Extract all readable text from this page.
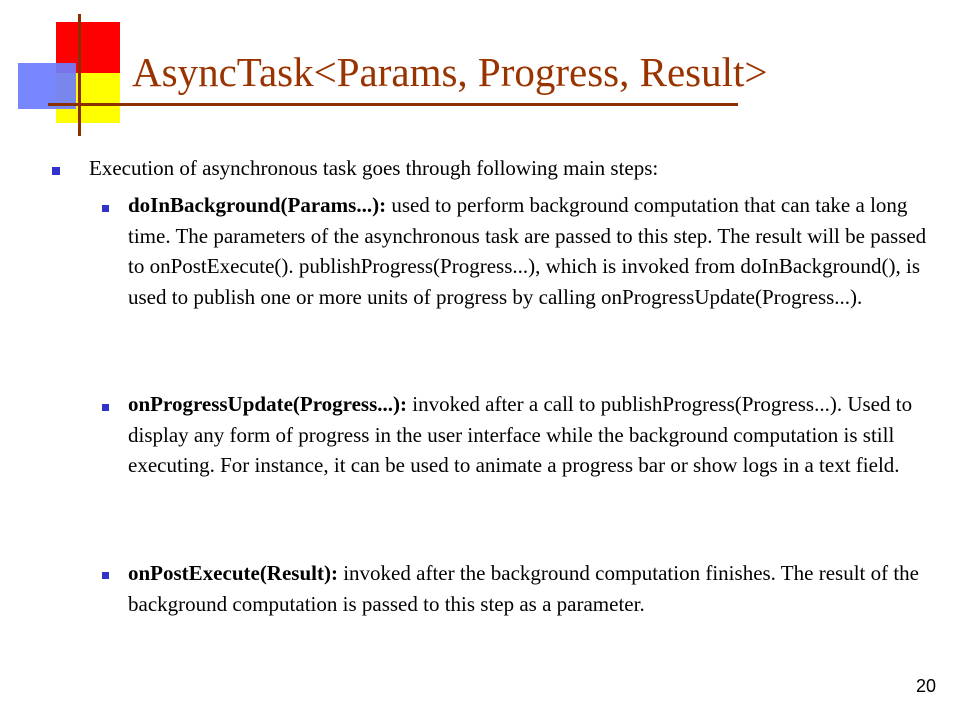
AsyncTask<Params, Progress, Result>

Execution of asynchronous task goes through following main steps:

doInBackground(Params...): used to perform background computation that can take a long time. The parameters of the asynchronous task are passed to this step. The result will be passed to onPostExecute(). publishProgress(Progress...), which is invoked from doInBackground(), is used to publish one or more units of progress by calling onProgressUpdate(Progress...).

onProgressUpdate(Progress...): invoked after a call to publishProgress(Progress...). Used to display any form of progress in the user interface while the background computation is still executing. For instance, it can be used to animate a progress bar or show logs in a text field.

onPostExecute(Result): invoked after the background computation finishes. The result of the background computation is passed to this step as a parameter.

20
